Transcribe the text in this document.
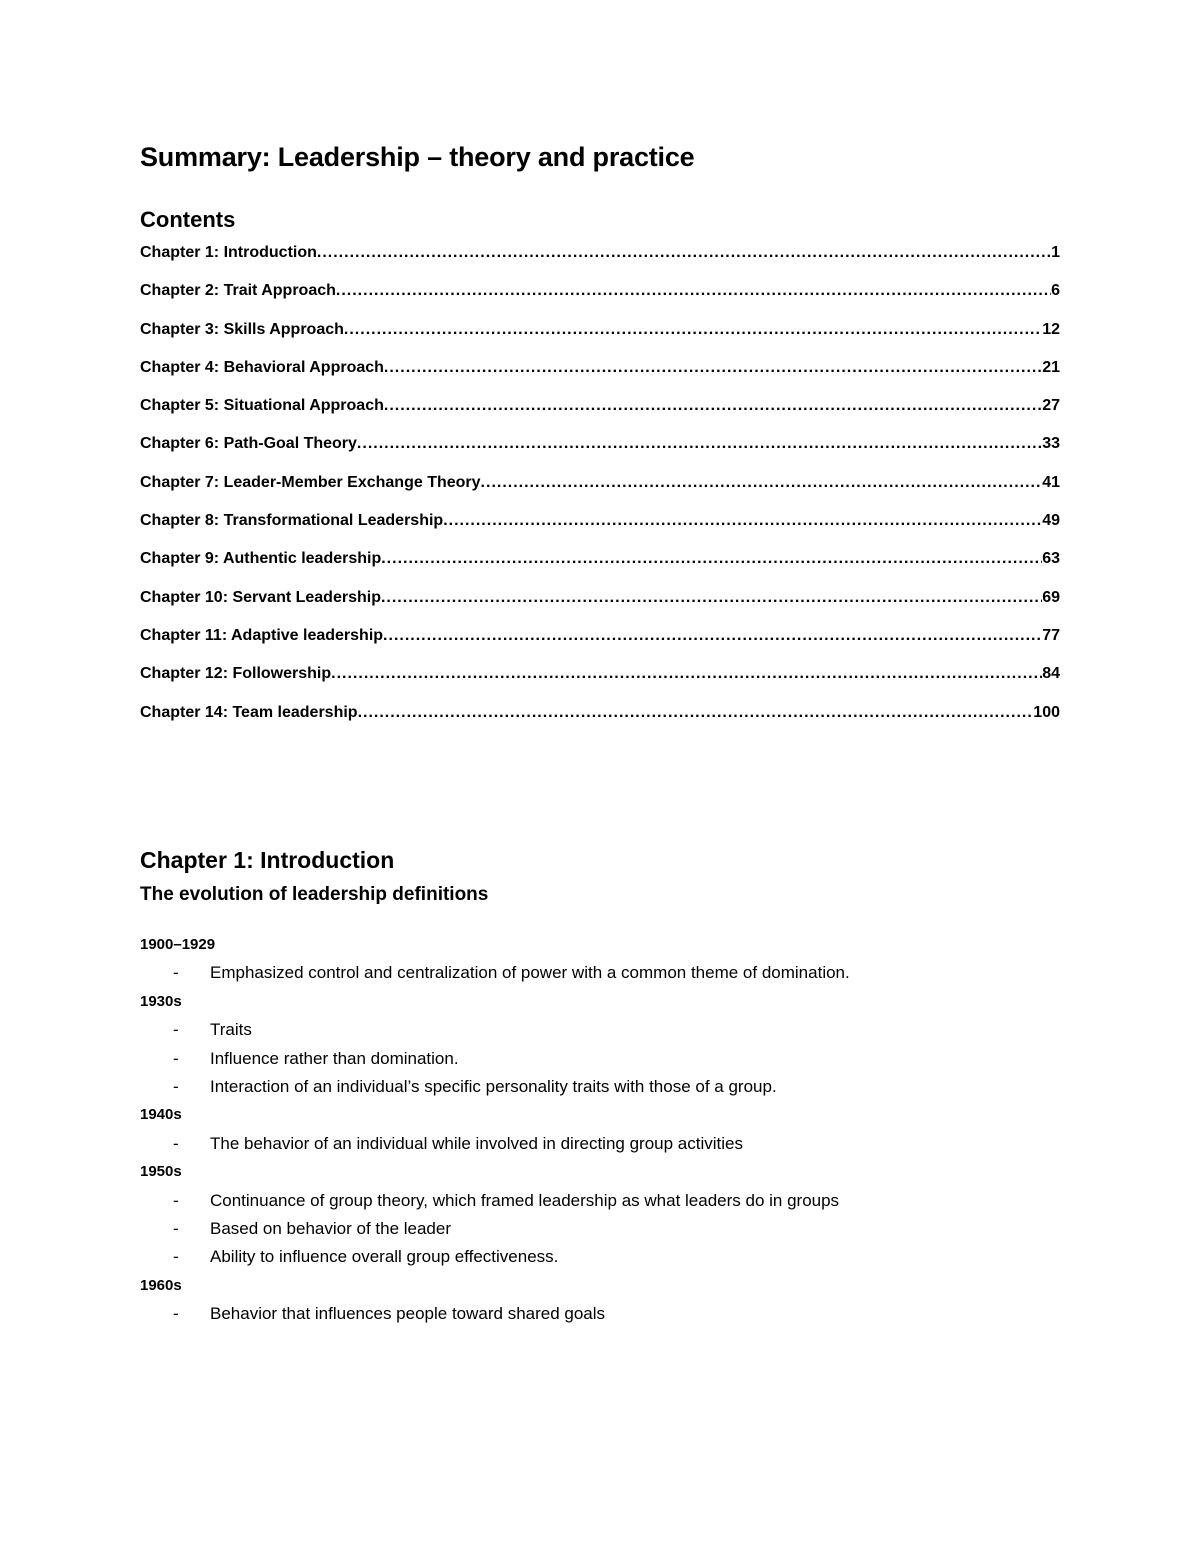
Summary: Leadership – theory and practice
Contents
Chapter 1: Introduction .....	1
Chapter 2: Trait Approach .....	6
Chapter 3: Skills Approach .....	12
Chapter 4: Behavioral Approach .....	21
Chapter 5: Situational Approach .....	27
Chapter 6: Path-Goal Theory .....	33
Chapter 7: Leader-Member Exchange Theory .....	41
Chapter 8: Transformational Leadership .....	49
Chapter 9: Authentic leadership .....	63
Chapter 10: Servant Leadership .....	69
Chapter 11: Adaptive leadership .....	77
Chapter 12: Followership .....	84
Chapter 14: Team leadership .....	100
Chapter 1: Introduction
The evolution of leadership definitions
1900–1929
- Emphasized control and centralization of power with a common theme of domination.
1930s
- Traits
- Influence rather than domination.
- Interaction of an individual’s specific personality traits with those of a group.
1940s
- The behavior of an individual while involved in directing group activities
1950s
- Continuance of group theory, which framed leadership as what leaders do in groups
- Based on behavior of the leader
- Ability to influence overall group effectiveness.
1960s
- Behavior that influences people toward shared goals
